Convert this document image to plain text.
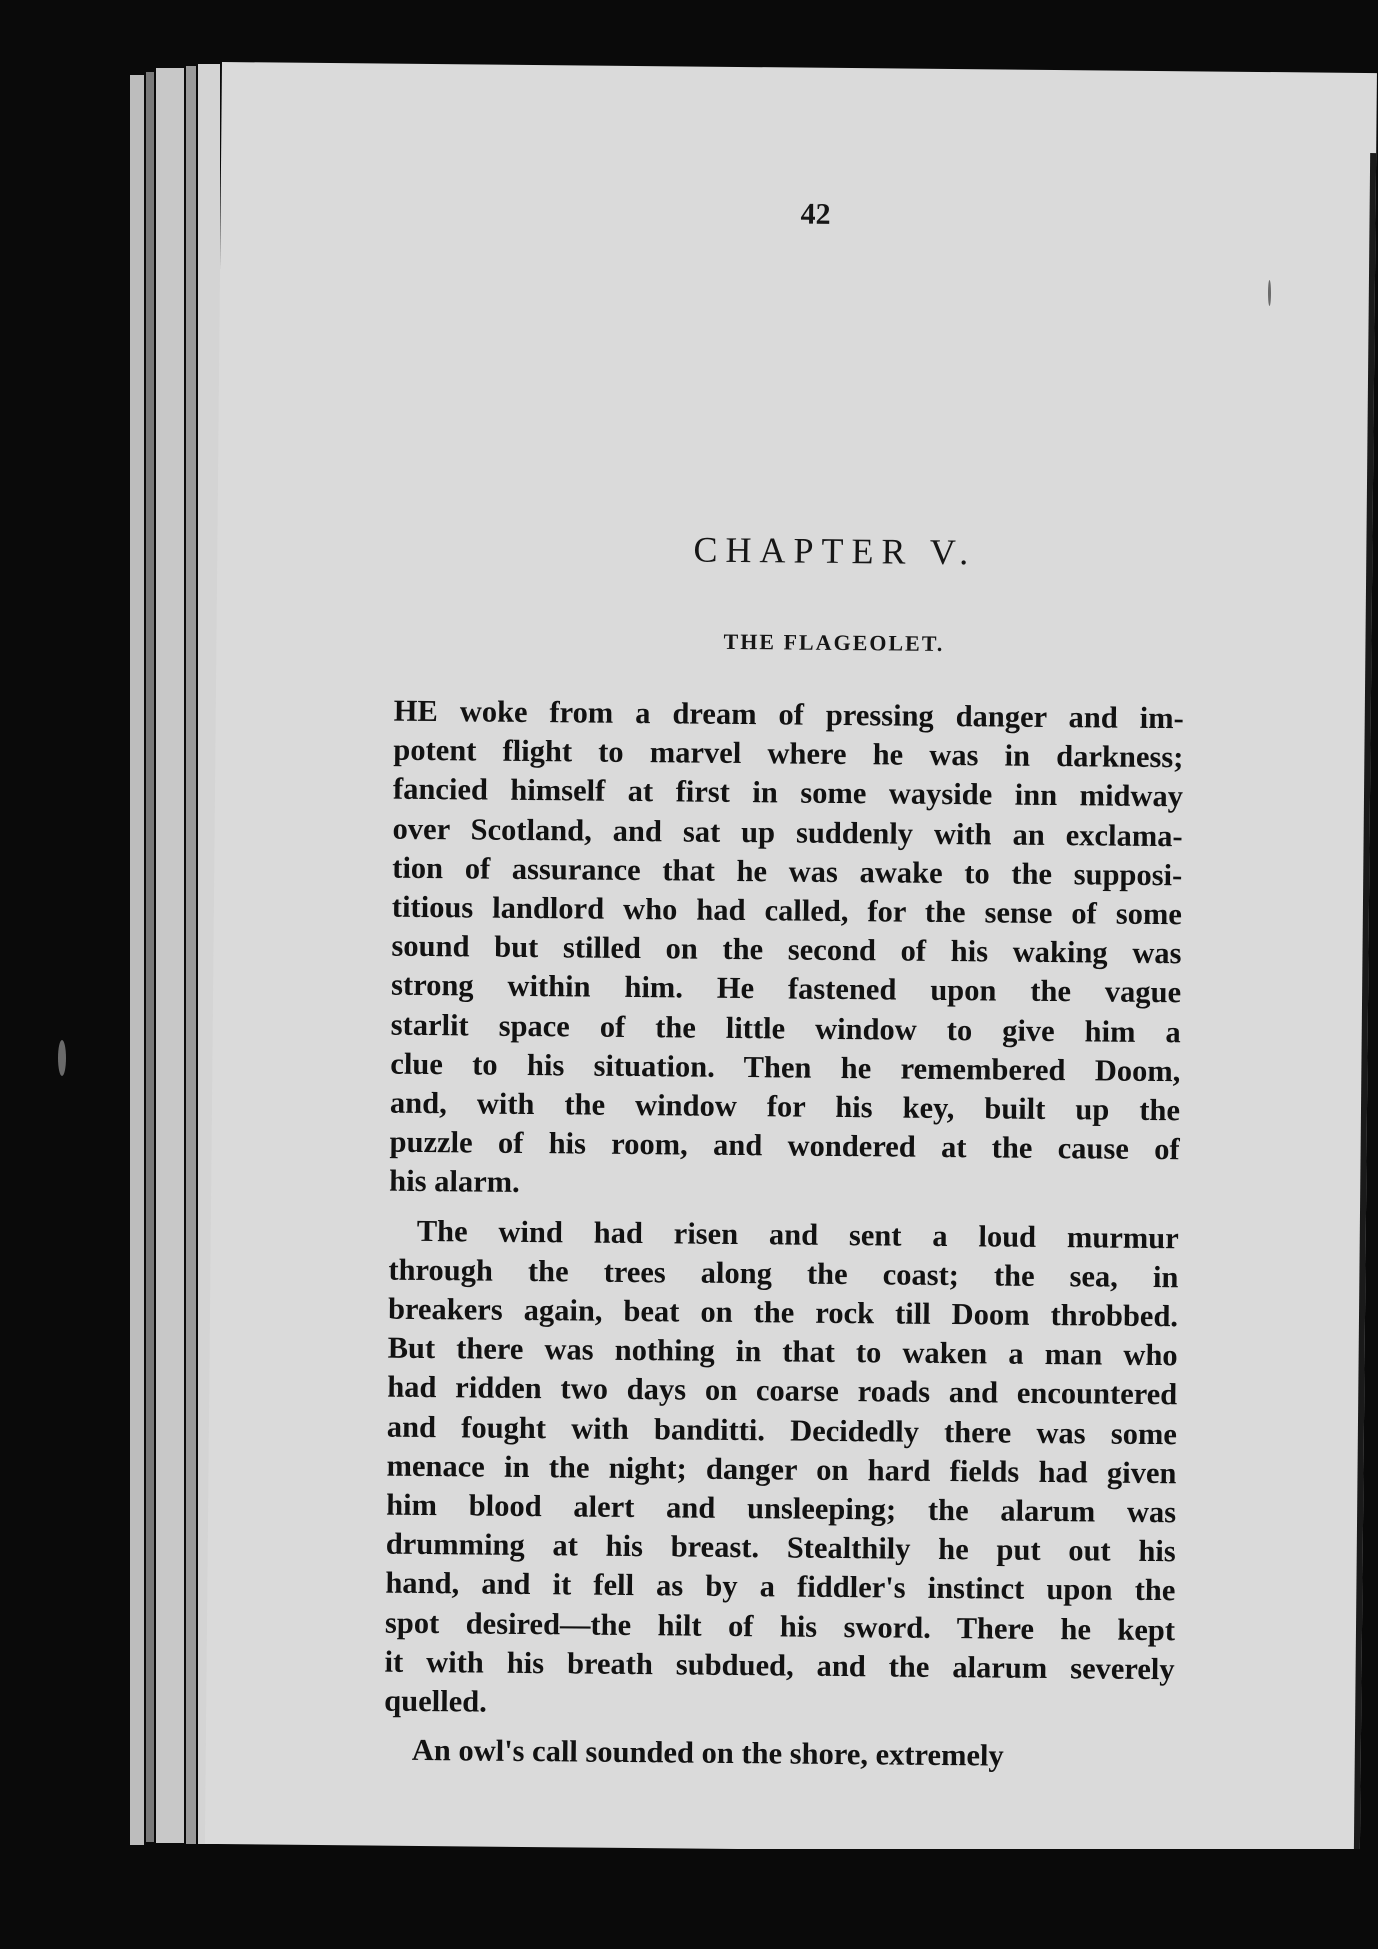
42
CHAPTER V.
THE FLAGEOLET.
HE woke from a dream of pressing danger and im-
potent flight to marvel where he was in darkness;
fancied himself at first in some wayside inn midway
over Scotland, and sat up suddenly with an exclama-
tion of assurance that he was awake to the supposi-
titious landlord who had called, for the sense of some
sound but stilled on the second of his waking was
strong within him. He fastened upon the vague
starlit space of the little window to give him a
clue to his situation. Then he remembered Doom,
and, with the window for his key, built up the
puzzle of his room, and wondered at the cause of
his alarm.
The wind had risen and sent a loud murmur
through the trees along the coast; the sea, in
breakers again, beat on the rock till Doom throbbed.
But there was nothing in that to waken a man who
had ridden two days on coarse roads and encountered
and fought with banditti. Decidedly there was some
menace in the night; danger on hard fields had given
him blood alert and unsleeping; the alarum was
drumming at his breast. Stealthily he put out his
hand, and it fell as by a fiddler's instinct upon the
spot desired—the hilt of his sword. There he kept
it with his breath subdued, and the alarum severely
quelled.
An owl's call sounded on the shore, extremely
